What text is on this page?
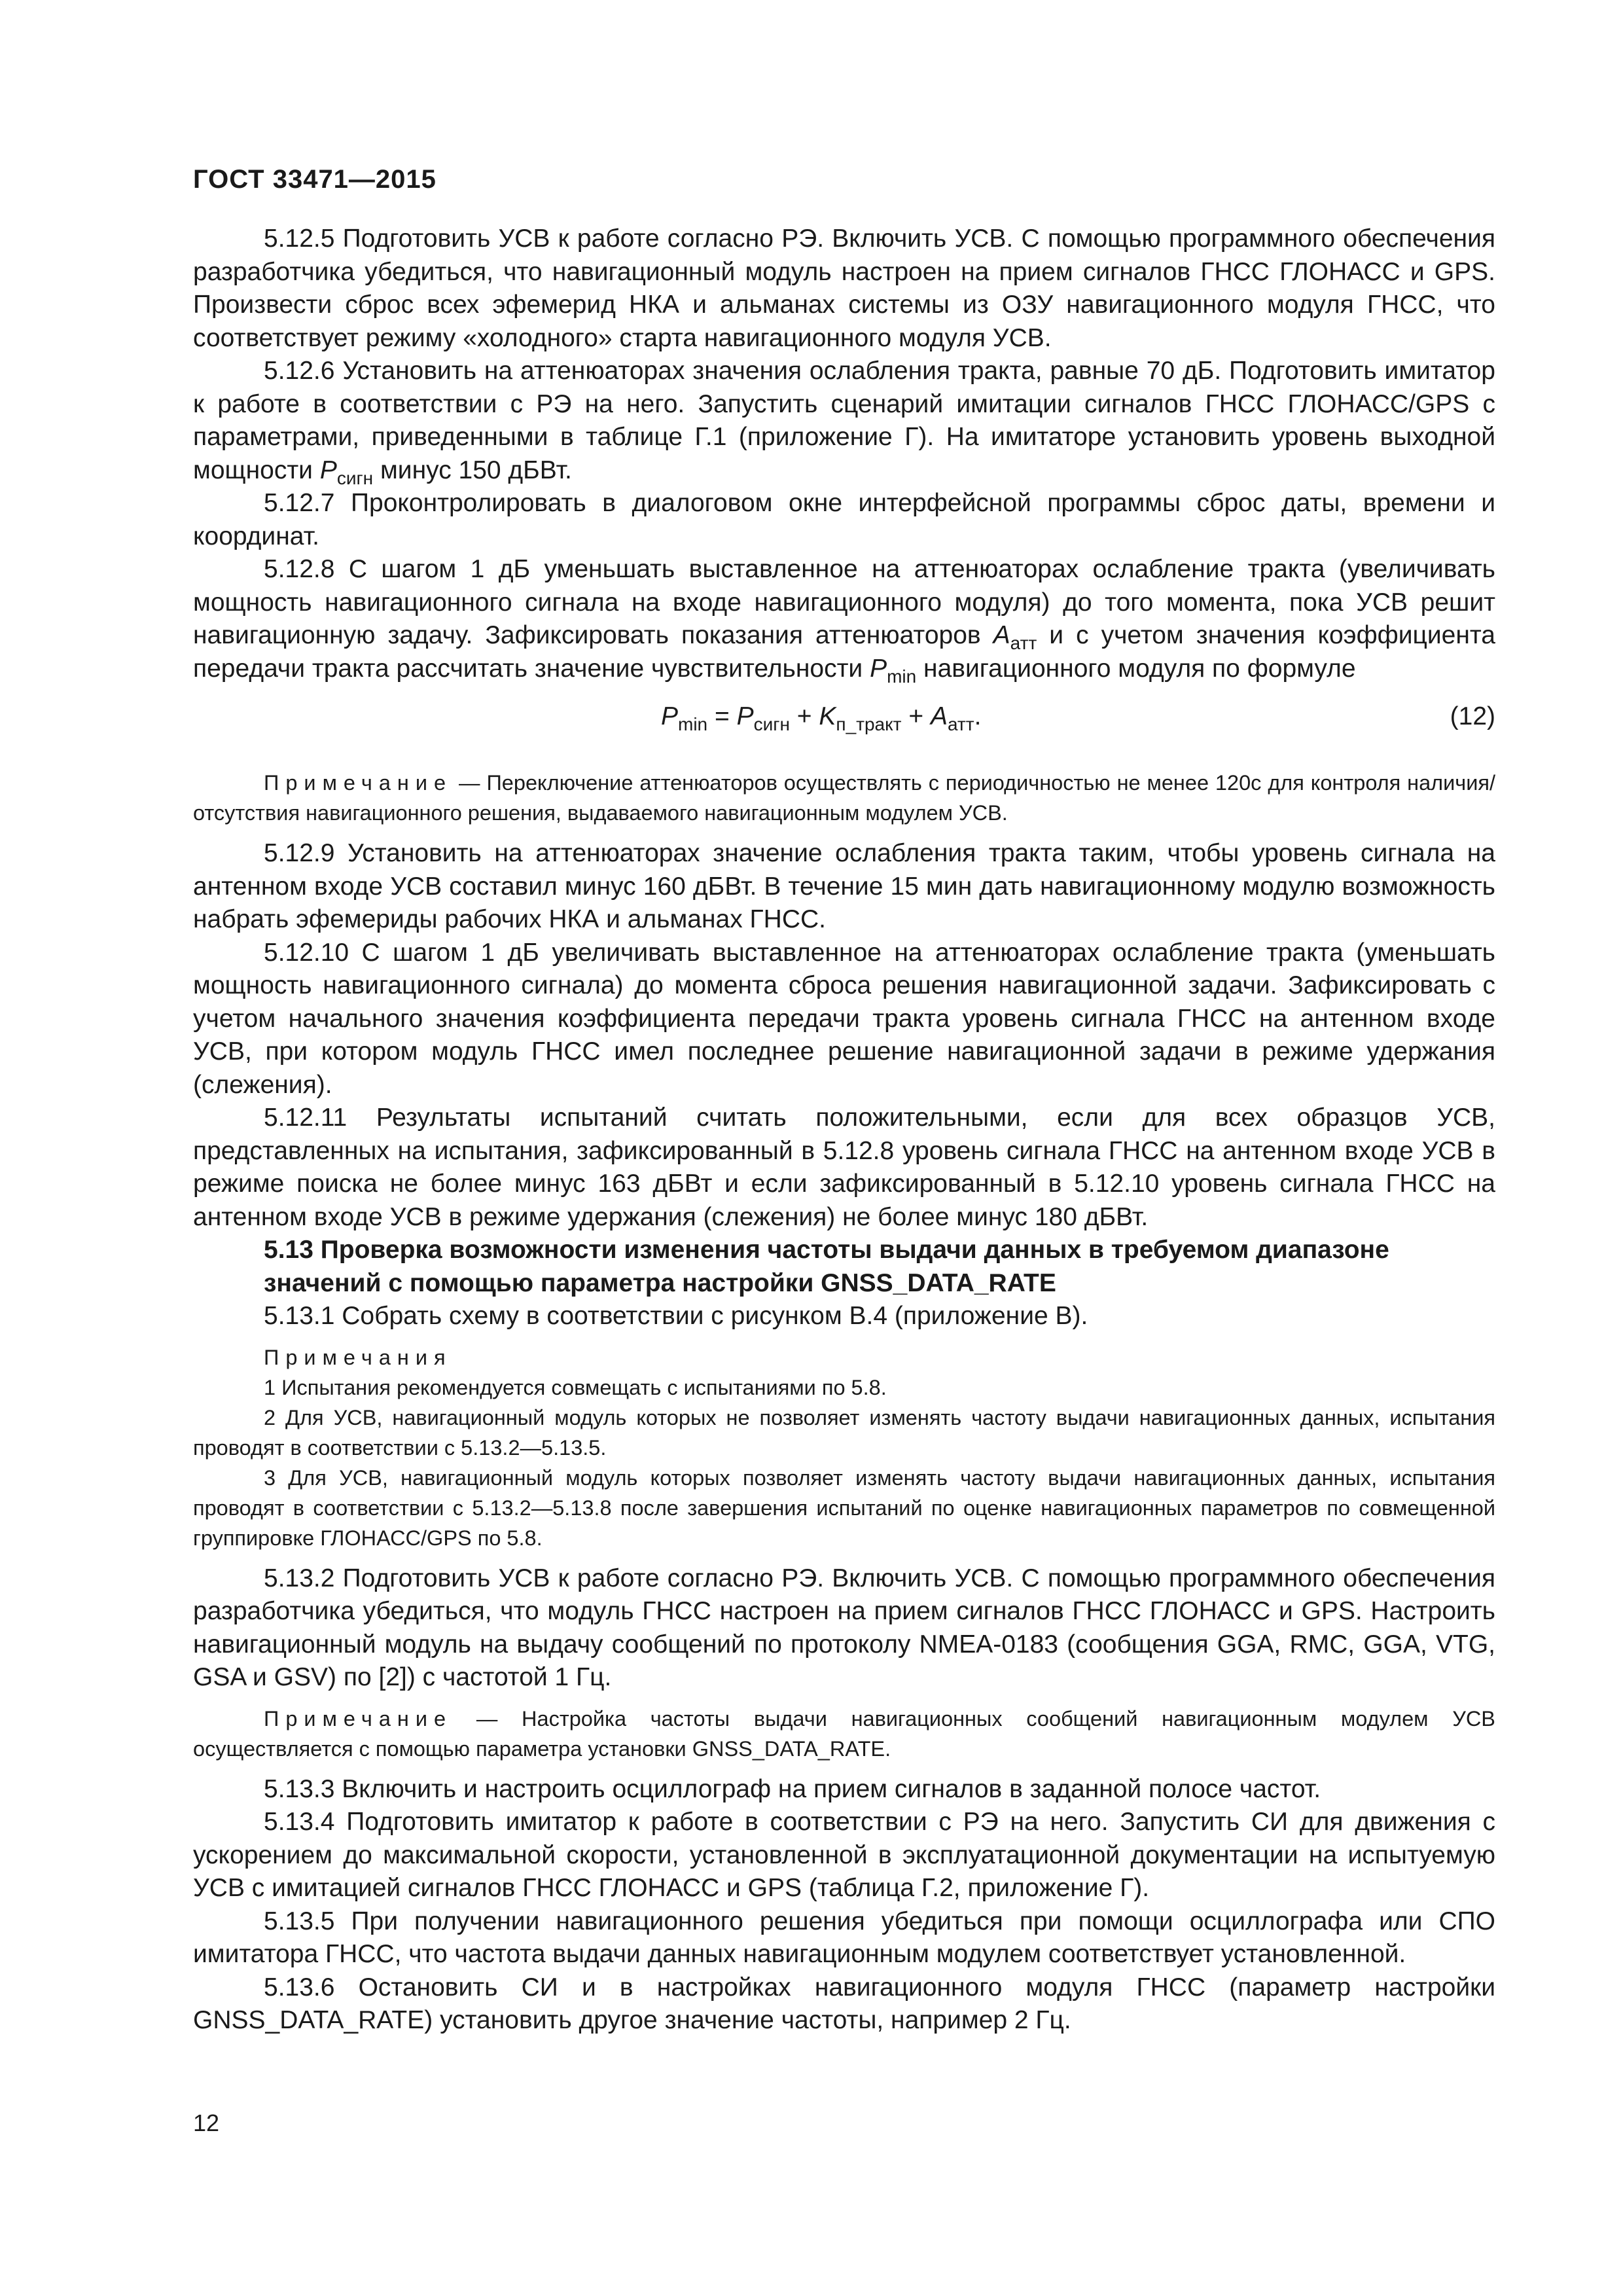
ГОСТ 33471—2015

5.12.5 Подготовить УСВ к работе согласно РЭ. Включить УСВ. С помощью программного обеспечения разработчика убедиться, что навигационный модуль настроен на прием сигналов ГНСС ГЛОНАСС и GPS. Произвести сброс всех эфемерид НКА и альманах системы из ОЗУ навигационного модуля ГНСС, что соответствует режиму «холодного» старта навигационного модуля УСВ.

5.12.6 Установить на аттенюаторах значения ослабления тракта, равные 70 дБ. Подготовить имитатор к работе в соответствии с РЭ на него. Запустить сценарий имитации сигналов ГНСС ГЛОНАСС/GPS с параметрами, приведенными в таблице Г.1 (приложение Г). На имитаторе установить уровень выходной мощности $P_{сигн}$ минус 150 дБВт.

5.12.7 Проконтролировать в диалоговом окне интерфейсной программы сброс даты, времени и координат.

5.12.8 С шагом 1 дБ уменьшать выставленное на аттенюаторах ослабление тракта (увеличивать мощность навигационного сигнала на входе навигационного модуля) до того момента, пока УСВ решит навигационную задачу. Зафиксировать показания аттенюаторов $A_{атт}$ и с учетом значения коэффициента передачи тракта рассчитать значение чувствительности $P_{min}$ навигационного модуля по формуле

$P_{min} = P_{сигн} + K_{п\_тракт} + A_{атт}$.	(12)

Примечание — Переключение аттенюаторов осуществлять с периодичностью не менее 120с для контроля наличия/отсутствия навигационного решения, выдаваемого навигационным модулем УСВ.

5.12.9 Установить на аттенюаторах значение ослабления тракта таким, чтобы уровень сигнала на антенном входе УСВ составил минус 160 дБВт. В течение 15 мин дать навигационному модулю возможность набрать эфемериды рабочих НКА и альманах ГНСС.

5.12.10 С шагом 1 дБ увеличивать выставленное на аттенюаторах ослабление тракта (уменьшать мощность навигационного сигнала) до момента сброса решения навигационной задачи. Зафиксировать с учетом начального значения коэффициента передачи тракта уровень сигнала ГНСС на антенном входе УСВ, при котором модуль ГНСС имел последнее решение навигационной задачи в режиме удержания (слежения).

5.12.11 Результаты испытаний считать положительными, если для всех образцов УСВ, представленных на испытания, зафиксированный в 5.12.8 уровень сигнала ГНСС на антенном входе УСВ в режиме поиска не более минус 163 дБВт и если зафиксированный в 5.12.10 уровень сигнала ГНСС на антенном входе УСВ в режиме удержания (слежения) не более минус 180 дБВт.

5.13 Проверка возможности изменения частоты выдачи данных в требуемом диапазоне значений с помощью параметра настройки GNSS_DATA_RATE

5.13.1 Собрать схему в соответствии с рисунком В.4 (приложение В).

Примечания

1 Испытания рекомендуется совмещать с испытаниями по 5.8.

2 Для УСВ, навигационный модуль которых не позволяет изменять частоту выдачи навигационных данных, испытания проводят в соответствии с 5.13.2—5.13.5.

3 Для УСВ, навигационный модуль которых позволяет изменять частоту выдачи навигационных данных, испытания проводят в соответствии с 5.13.2—5.13.8 после завершения испытаний по оценке навигационных параметров по совмещенной группировке ГЛОНАСС/GPS по 5.8.

5.13.2 Подготовить УСВ к работе согласно РЭ. Включить УСВ. С помощью программного обеспечения разработчика убедиться, что модуль ГНСС настроен на прием сигналов ГНСС ГЛОНАСС и GPS. Настроить навигационный модуль на выдачу сообщений по протоколу NMEA-0183 (сообщения GGA, RMC, GGA, VTG, GSA и GSV) по [2]) с частотой 1 Гц.

Примечание — Настройка частоты выдачи навигационных сообщений навигационным модулем УСВ осуществляется с помощью параметра установки GNSS_DATA_RATE.

5.13.3 Включить и настроить осциллограф на прием сигналов в заданной полосе частот.

5.13.4 Подготовить имитатор к работе в соответствии с РЭ на него. Запустить СИ для движения с ускорением до максимальной скорости, установленной в эксплуатационной документации на испытуемую УСВ с имитацией сигналов ГНСС ГЛОНАСС и GPS (таблица Г.2, приложение Г).

5.13.5 При получении навигационного решения убедиться при помощи осциллографа или СПО имитатора ГНСС, что частота выдачи данных навигационным модулем соответствует установленной.

5.13.6 Остановить СИ и в настройках навигационного модуля ГНСС (параметр настройки GNSS_DATA_RATE) установить другое значение частоты, например 2 Гц.

12
